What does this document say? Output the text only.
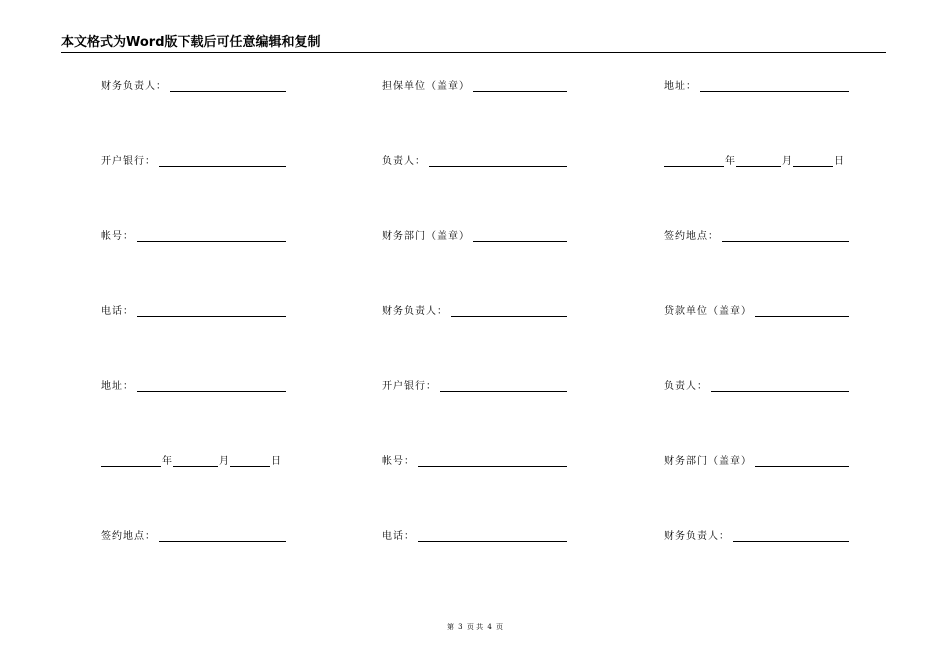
本文格式为Word版下载后可任意编辑和复制
财务负责人：	担保单位（盖章）	地址：
开户银行：	负责人：	年	月	日
帐号：	财务部门（盖章）	签约地点：
电话：	财务负责人：	贷款单位（盖章）
地址：	开户银行：	负责人：
年	月	日	帐号：	财务部门（盖章）
签约地点：	电话：	财务负责人：
第 3 页 共 4 页
